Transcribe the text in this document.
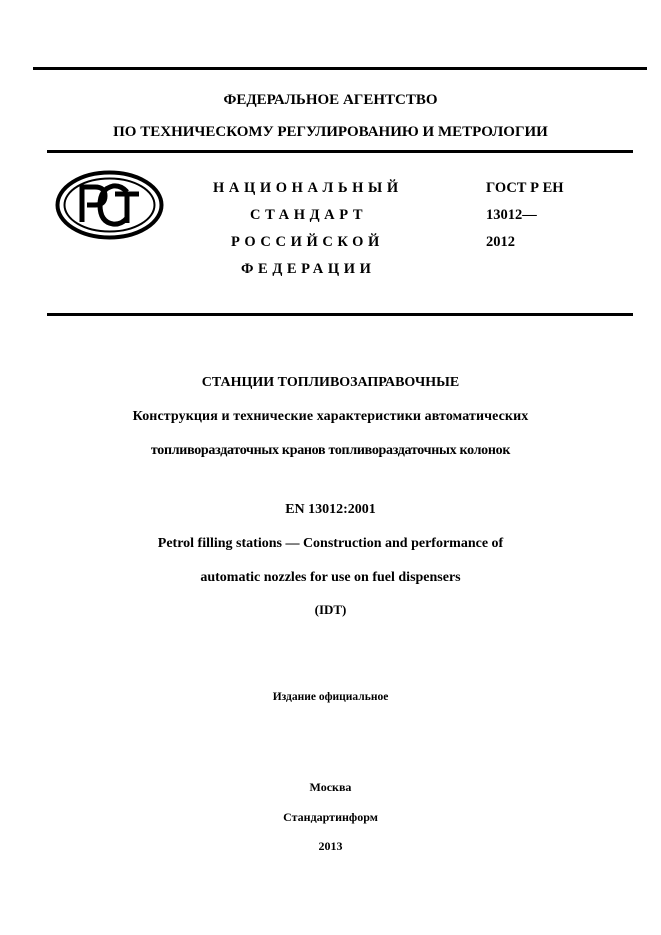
ФЕДЕРАЛЬНОЕ АГЕНТСТВО
ПО ТЕХНИЧЕСКОМУ РЕГУЛИРОВАНИЮ И МЕТРОЛОГИИ
НАЦИОНАЛЬНЫЙ
СТАНДАРТ
РОССИЙСКОЙ
ФЕДЕРАЦИИ
ГОСТ Р ЕН
13012—
2012
СТАНЦИИ ТОПЛИВОЗАПРАВОЧНЫЕ
Конструкция и технические характеристики автоматических
топливораздаточных кранов топливораздаточных колонок
EN 13012:2001
Petrol filling stations — Construction and performance of
automatic nozzles for use on fuel dispensers
(IDT)
Издание официальное
Москва
Стандартинформ
2013
